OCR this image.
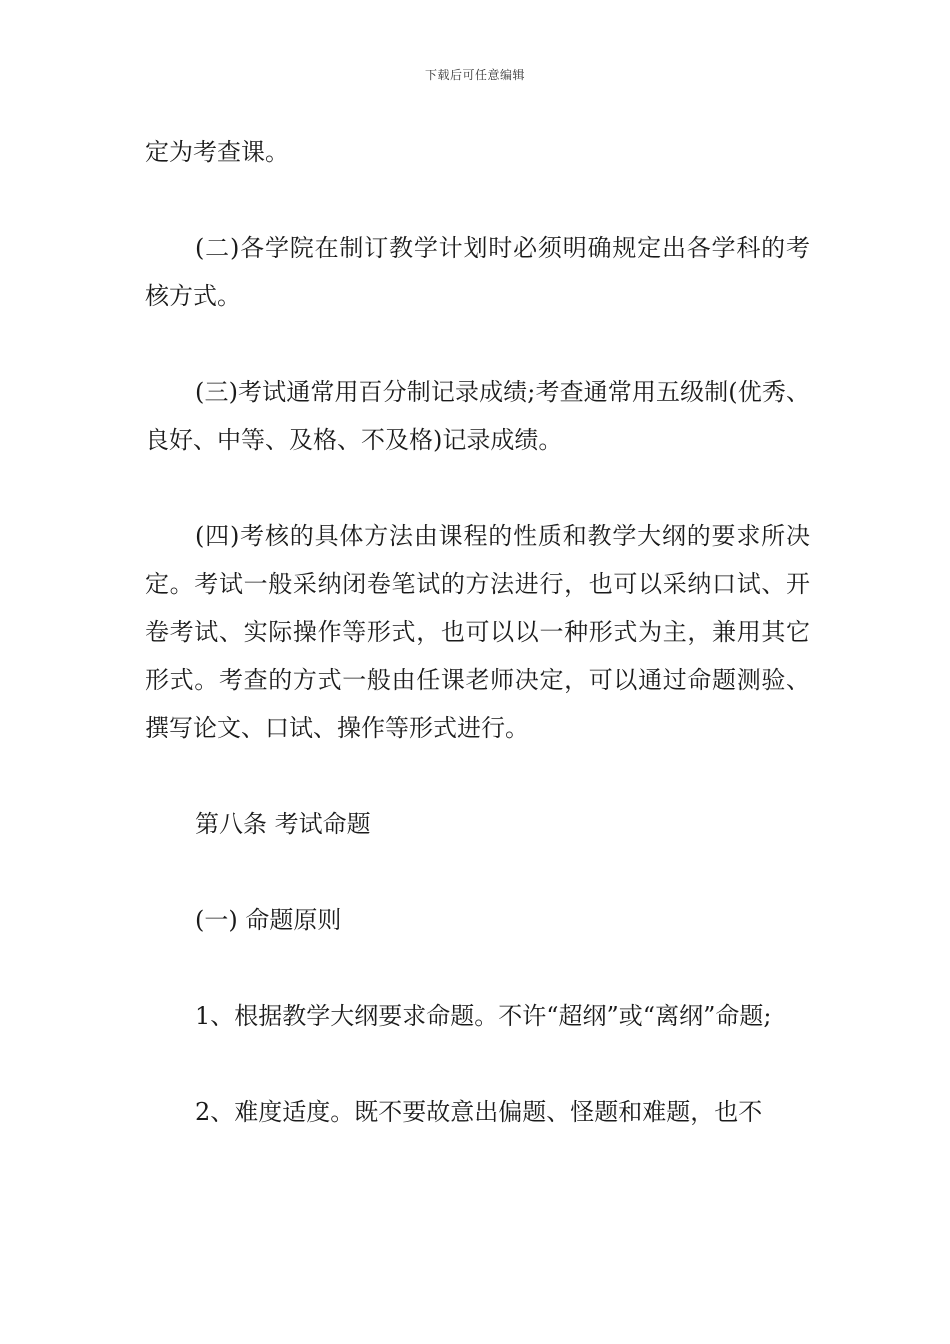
下载后可任意编辑

定为考查课。

(二)各学院在制订教学计划时必须明确规定出各学科的考核方式。

(三)考试通常用百分制记录成绩;考查通常用五级制(优秀、良好、中等、及格、不及格)记录成绩。

(四)考核的具体方法由课程的性质和教学大纲的要求所决定。考试一般采纳闭卷笔试的方法进行，也可以采纳口试、开卷考试、实际操作等形式，也可以以一种形式为主，兼用其它形式。考查的方式一般由任课老师决定，可以通过命题测验、撰写论文、口试、操作等形式进行。

第八条 考试命题

(一) 命题原则

1、根据教学大纲要求命题。不许“超纲”或“离纲”命题;

2、难度适度。既不要故意出偏题、怪题和难题，也不
